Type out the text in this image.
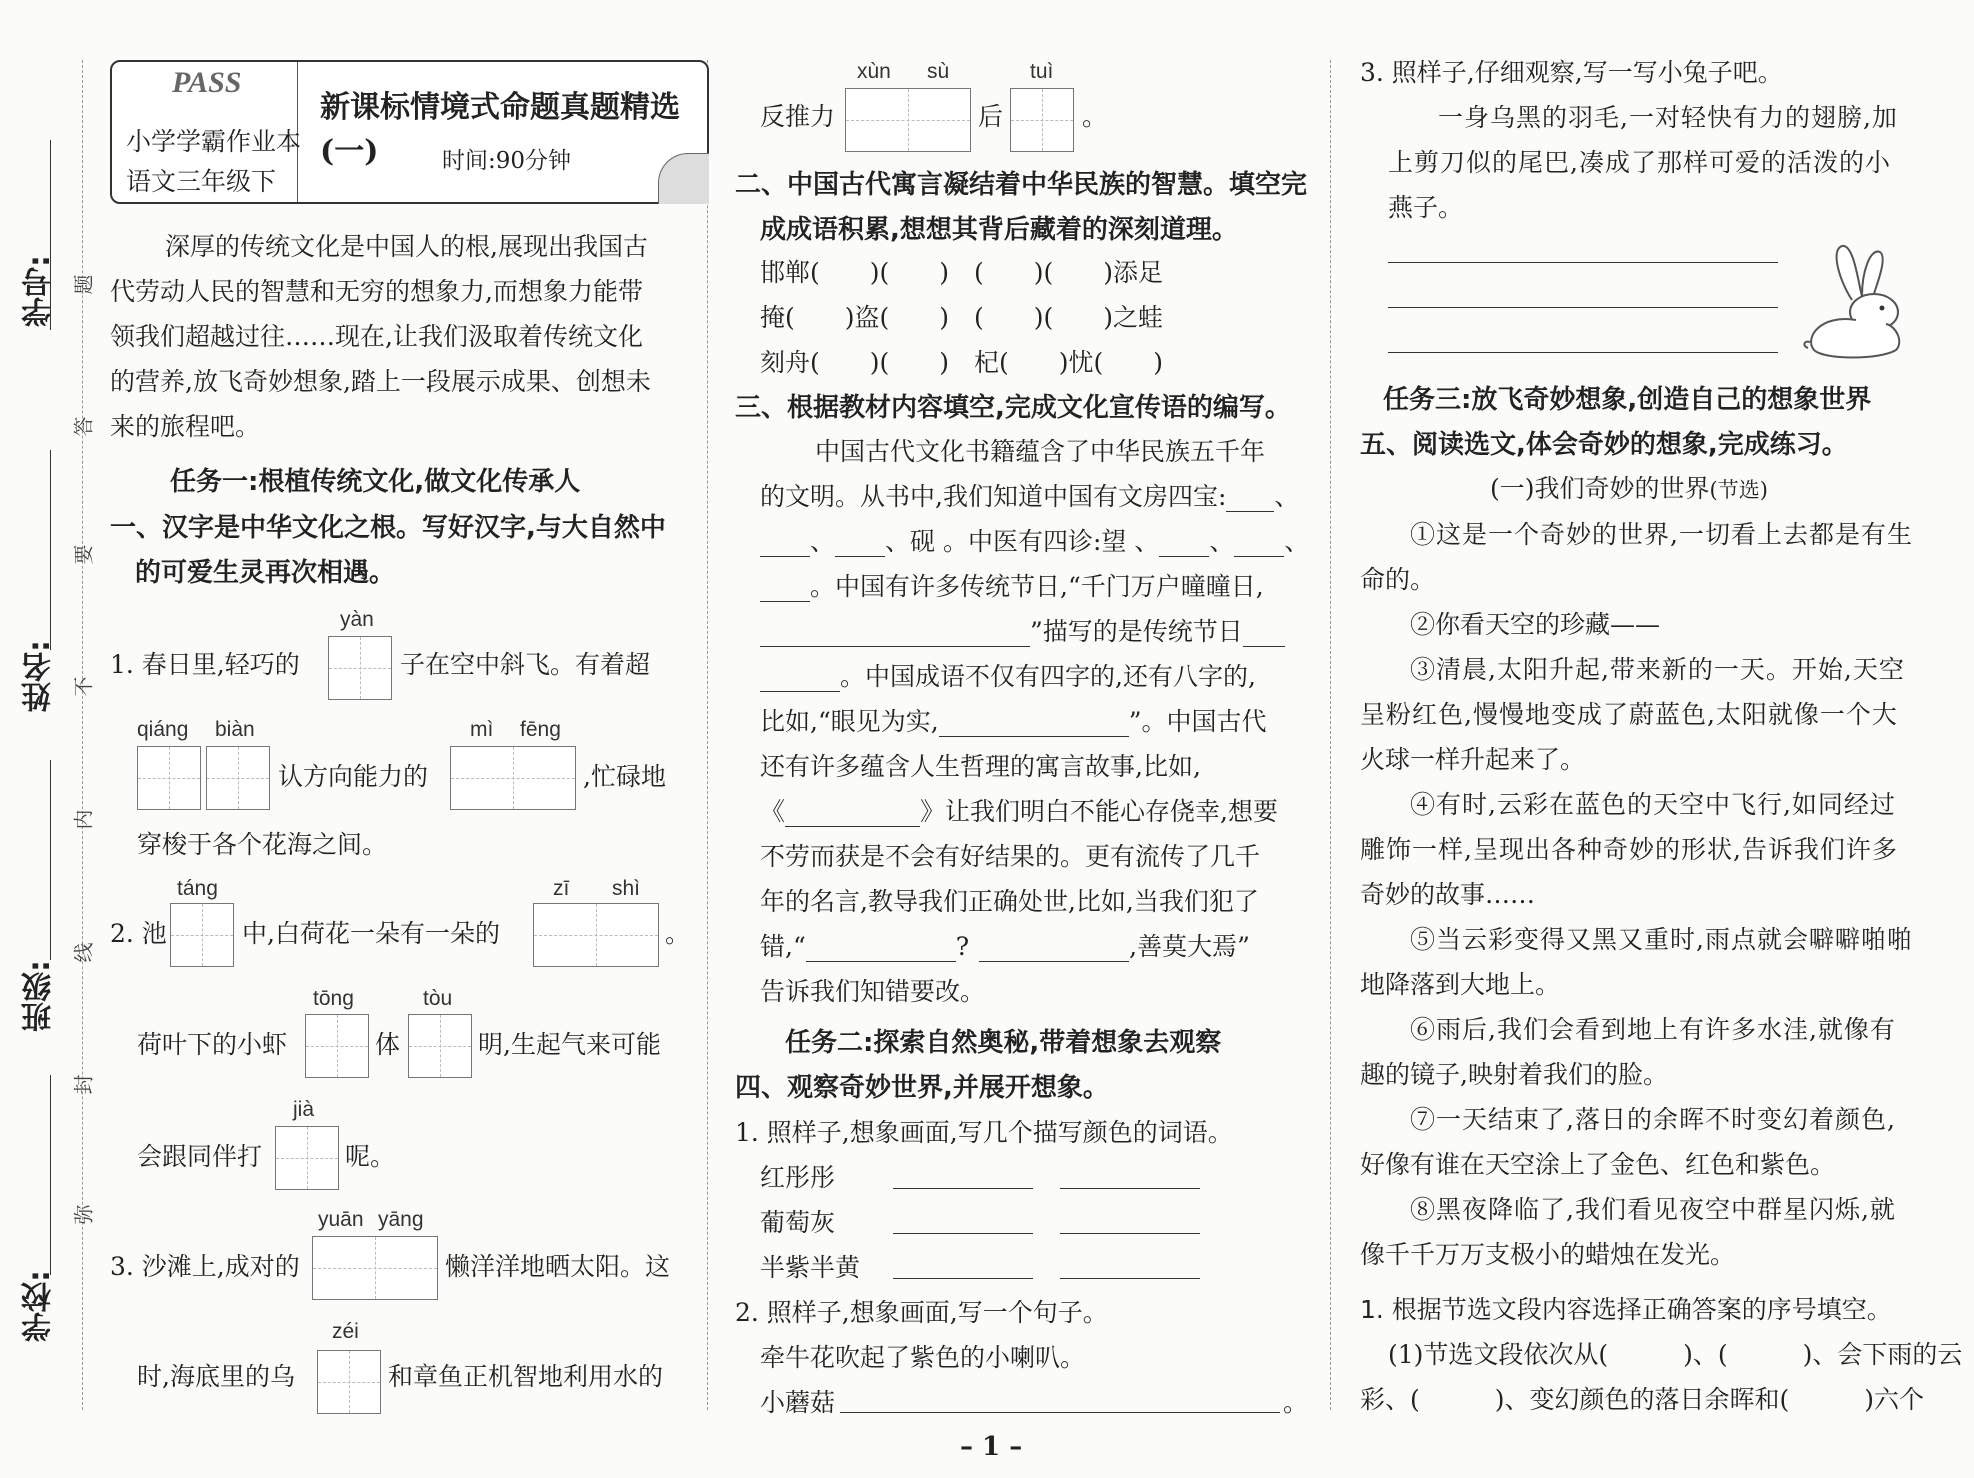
学号:
姓名:
班级:
学校:
题
答
要
不
内
线
封
弥
PASS
小学学霸作业本
语文三年级下
新课标情境式命题真题精选(一)	时间:90分钟
深厚的传统文化是中国人的根,展现出我国古
代劳动人民的智慧和无穷的想象力,而想象力能带
领我们超越过往……现在,让我们汲取着传统文化
的营养,放飞奇妙想象,踏上一段展示成果、创想未
来的旅程吧。
任务一:根植传统文化,做文化传承人
一、汉字是中华文化之根。写好汉字,与大自然中
的可爱生灵再次相遇。
yàn
1. 春日里,轻巧的	子在空中斜飞。有着超
qiáng biàn	mì fēng
认方向能力的	,忙碌地
穿梭于各个花海之间。
táng	zī shì
2. 池	中,白荷花一朵有一朵的	。
tōng	tòu
荷叶下的小虾	体	明,生起气来可能
jià
会跟同伴打	呢。
yuān yāng
3. 沙滩上,成对的	懒洋洋地晒太阳。这
zéi
时,海底里的乌	和章鱼正机智地利用水的
xùn sù	tuì
反推力	后	。
二、中国古代寓言凝结着中华民族的智慧。填空完
成成语积累,想想其背后藏着的深刻道理。
邯郸(　　)(　　)　(　　)(　　)添足
掩(　　)盗(　　)　(　　)(　　)之蛙
刻舟(　　)(　　)　杞(　　)忧(　　)
三、根据教材内容填空,完成文化宣传语的编写。
中国古代文化书籍蕴含了中华民族五千年
的文明。从书中,我们知道中国有文房四宝: 、
、 、砚 。中医有四诊:望 、 、 、
。中国有许多传统节日,“千门万户曈曈日,
”描写的是传统节日
。中国成语不仅有四字的,还有八字的,
比如,“眼见为实,	”。中国古代
还有许多蕴含人生哲理的寓言故事,比如,
《	》让我们明白不能心存侥幸,想要
不劳而获是不会有好结果的。更有流传了几千
年的名言,教导我们正确处世,比如,当我们犯了
错,“	?	,善莫大焉”
告诉我们知错要改。
任务二:探索自然奥秘,带着想象去观察
四、观察奇妙世界,并展开想象。
1. 照样子,想象画面,写几个描写颜色的词语。
红彤彤
葡萄灰
半紫半黄
2. 照样子,想象画面,写一个句子。
牵牛花吹起了紫色的小喇叭。
小蘑菇	。
3. 照样子,仔细观察,写一写小兔子吧。
一身乌黑的羽毛,一对轻快有力的翅膀,加
上剪刀似的尾巴,凑成了那样可爱的活泼的小
燕子。
任务三:放飞奇妙想象,创造自己的想象世界
五、阅读选文,体会奇妙的想象,完成练习。
(一)我们奇妙的世界(节选)
①这是一个奇妙的世界,一切看上去都是有生
命的。
②你看天空的珍藏——
③清晨,太阳升起,带来新的一天。开始,天空
呈粉红色,慢慢地变成了蔚蓝色,太阳就像一个大
火球一样升起来了。
④有时,云彩在蓝色的天空中飞行,如同经过
雕饰一样,呈现出各种奇妙的形状,告诉我们许多
奇妙的故事……
⑤当云彩变得又黑又重时,雨点就会噼噼啪啪
地降落到大地上。
⑥雨后,我们会看到地上有许多水洼,就像有
趣的镜子,映射着我们的脸。
⑦一天结束了,落日的余晖不时变幻着颜色,
好像有谁在天空涂上了金色、红色和紫色。
⑧黑夜降临了,我们看见夜空中群星闪烁,就
像千千万万支极小的蜡烛在发光。
1. 根据节选文段内容选择正确答案的序号填空。
(1)节选文段依次从(　　　)、(　　　)、会下雨的云
彩、(　　　)、变幻颜色的落日余晖和(　　　)六个
– 1 –
